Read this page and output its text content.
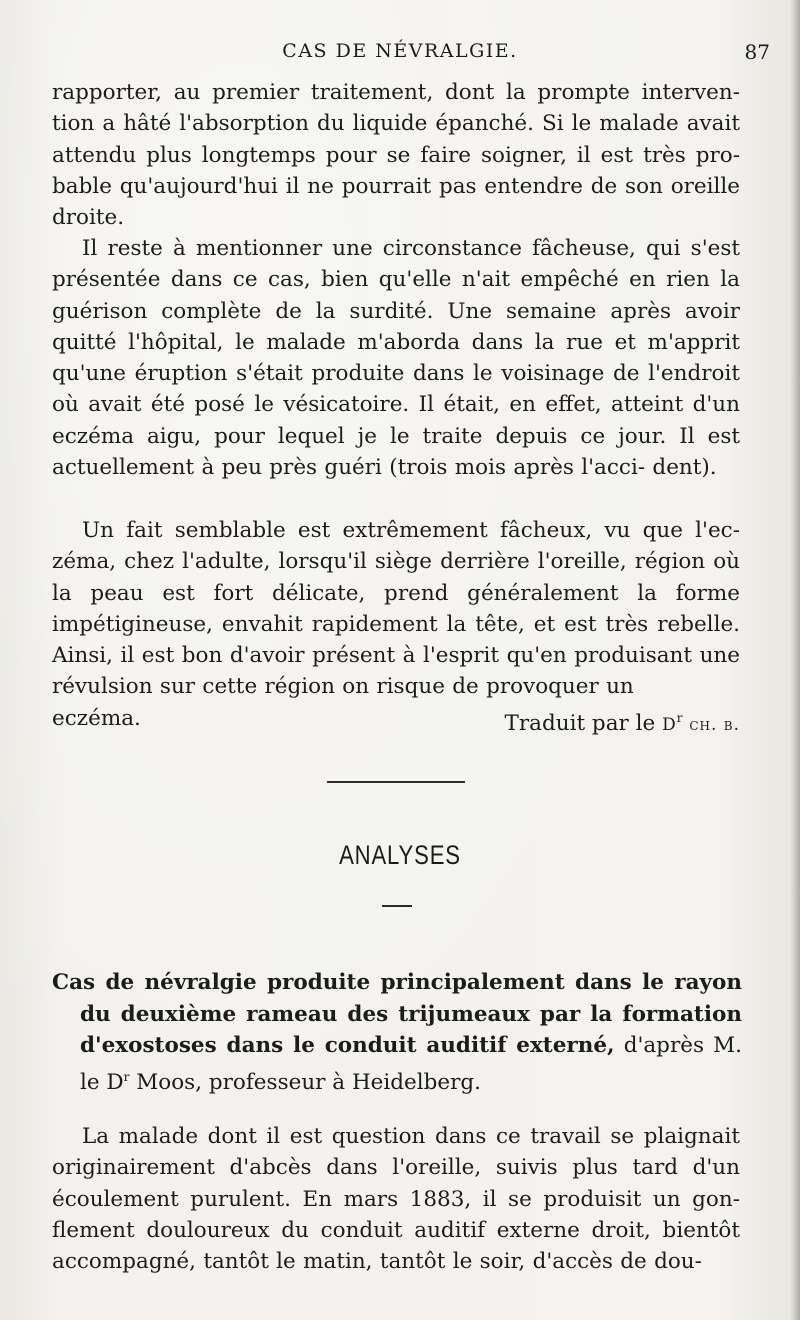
CAS DE NÉVRALGIE.	87

rapporter, au premier traitement, dont la prompte interven- tion a hâté l'absorption du liquide épanché. Si le malade avait attendu plus longtemps pour se faire soigner, il est très pro- bable qu'aujourd'hui il ne pourrait pas entendre de son oreille droite.

Il reste à mentionner une circonstance fâcheuse, qui s'est présentée dans ce cas, bien qu'elle n'ait empêché en rien la guérison complète de la surdité. Une semaine après avoir quitté l'hôpital, le malade m'aborda dans la rue et m'apprit qu'une éruption s'était produite dans le voisinage de l'endroit où avait été posé le vésicatoire. Il était, en effet, atteint d'un eczéma aigu, pour lequel je le traite depuis ce jour. Il est actuellement à peu près guéri (trois mois après l'acci- dent).

Un fait semblable est extrêmement fâcheux, vu que l'ec- zéma, chez l'adulte, lorsqu'il siège derrière l'oreille, région où la peau est fort délicate, prend généralement la forme impétigineuse, envahit rapidement la tête, et est très rebelle. Ainsi, il est bon d'avoir présent à l'esprit qu'en produisant une révulsion sur cette région on risque de provoquer un

eczéma.	Traduit par le $D^r$ ch. b.
ANALYSES

Cas de névralgie produite principalement dans le rayon du deuxième rameau des trijumeaux par la formation d'exostoses dans le conduit auditif externé, d'après M. le $D^r$ Moos, professeur à Heidelberg.

La malade dont il est question dans ce travail se plaignait originairement d'abcès dans l'oreille, suivis plus tard d'un écoulement purulent. En mars 1883, il se produisit un gon- flement douloureux du conduit auditif externe droit, bientôt accompagné, tantôt le matin, tantôt le soir, d'accès de dou-
